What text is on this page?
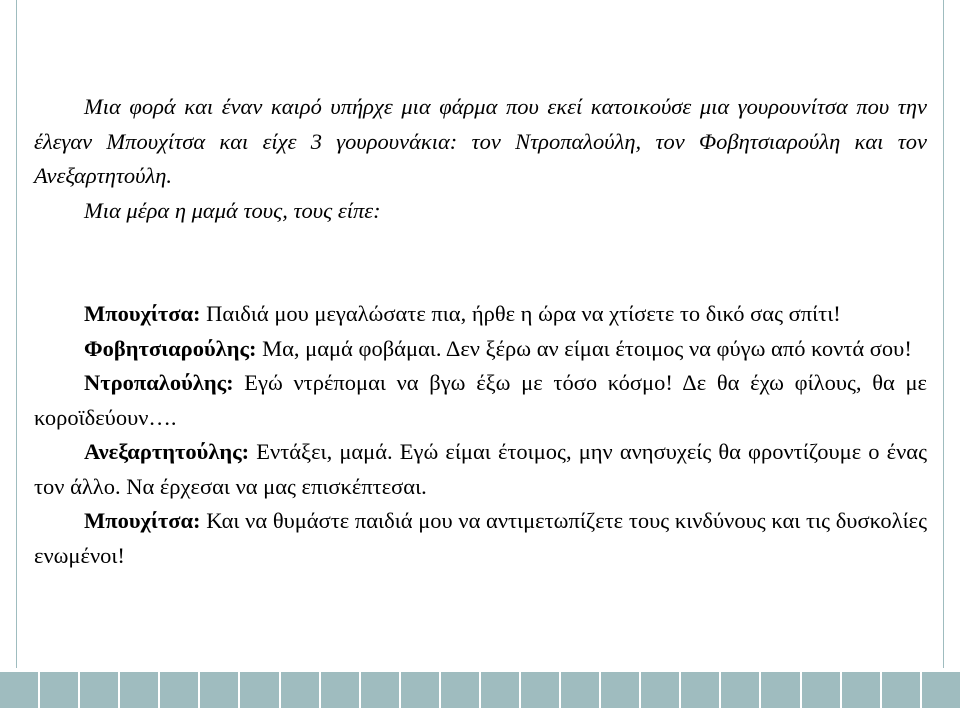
Μια φορά και έναν καιρό υπήρχε μια φάρμα που εκεί κατοικούσε μια γουρουνίτσα που την έλεγαν Μπουχίτσα και είχε 3 γουρουνάκια: τον Ντροπαλούλη, τον Φοβητσιαρούλη και τον Ανεξαρτητούλη.

Μια μέρα η μαμά τους, τους είπε:

Μπουχίτσα: Παιδιά μου μεγαλώσατε πια, ήρθε η ώρα να χτίσετε το δικό σας σπίτι!

Φοβητσιαρούλης: Μα, μαμά φοβάμαι. Δεν ξέρω αν είμαι έτοιμος να φύγω από κοντά σου!

Ντροπαλούλης: Εγώ ντρέπομαι να βγω έξω με τόσο κόσμο! Δε θα έχω φίλους, θα με κοροϊδεύουν….

Ανεξαρτητούλης: Εντάξει, μαμά. Εγώ είμαι έτοιμος, μην ανησυχείς θα φροντίζουμε ο ένας τον άλλο. Να έρχεσαι να μας επισκέπτεσαι.

Μπουχίτσα: Και να θυμάστε παιδιά μου να αντιμετωπίζετε τους κινδύνους και τις δυσκολίες ενωμένοι!
